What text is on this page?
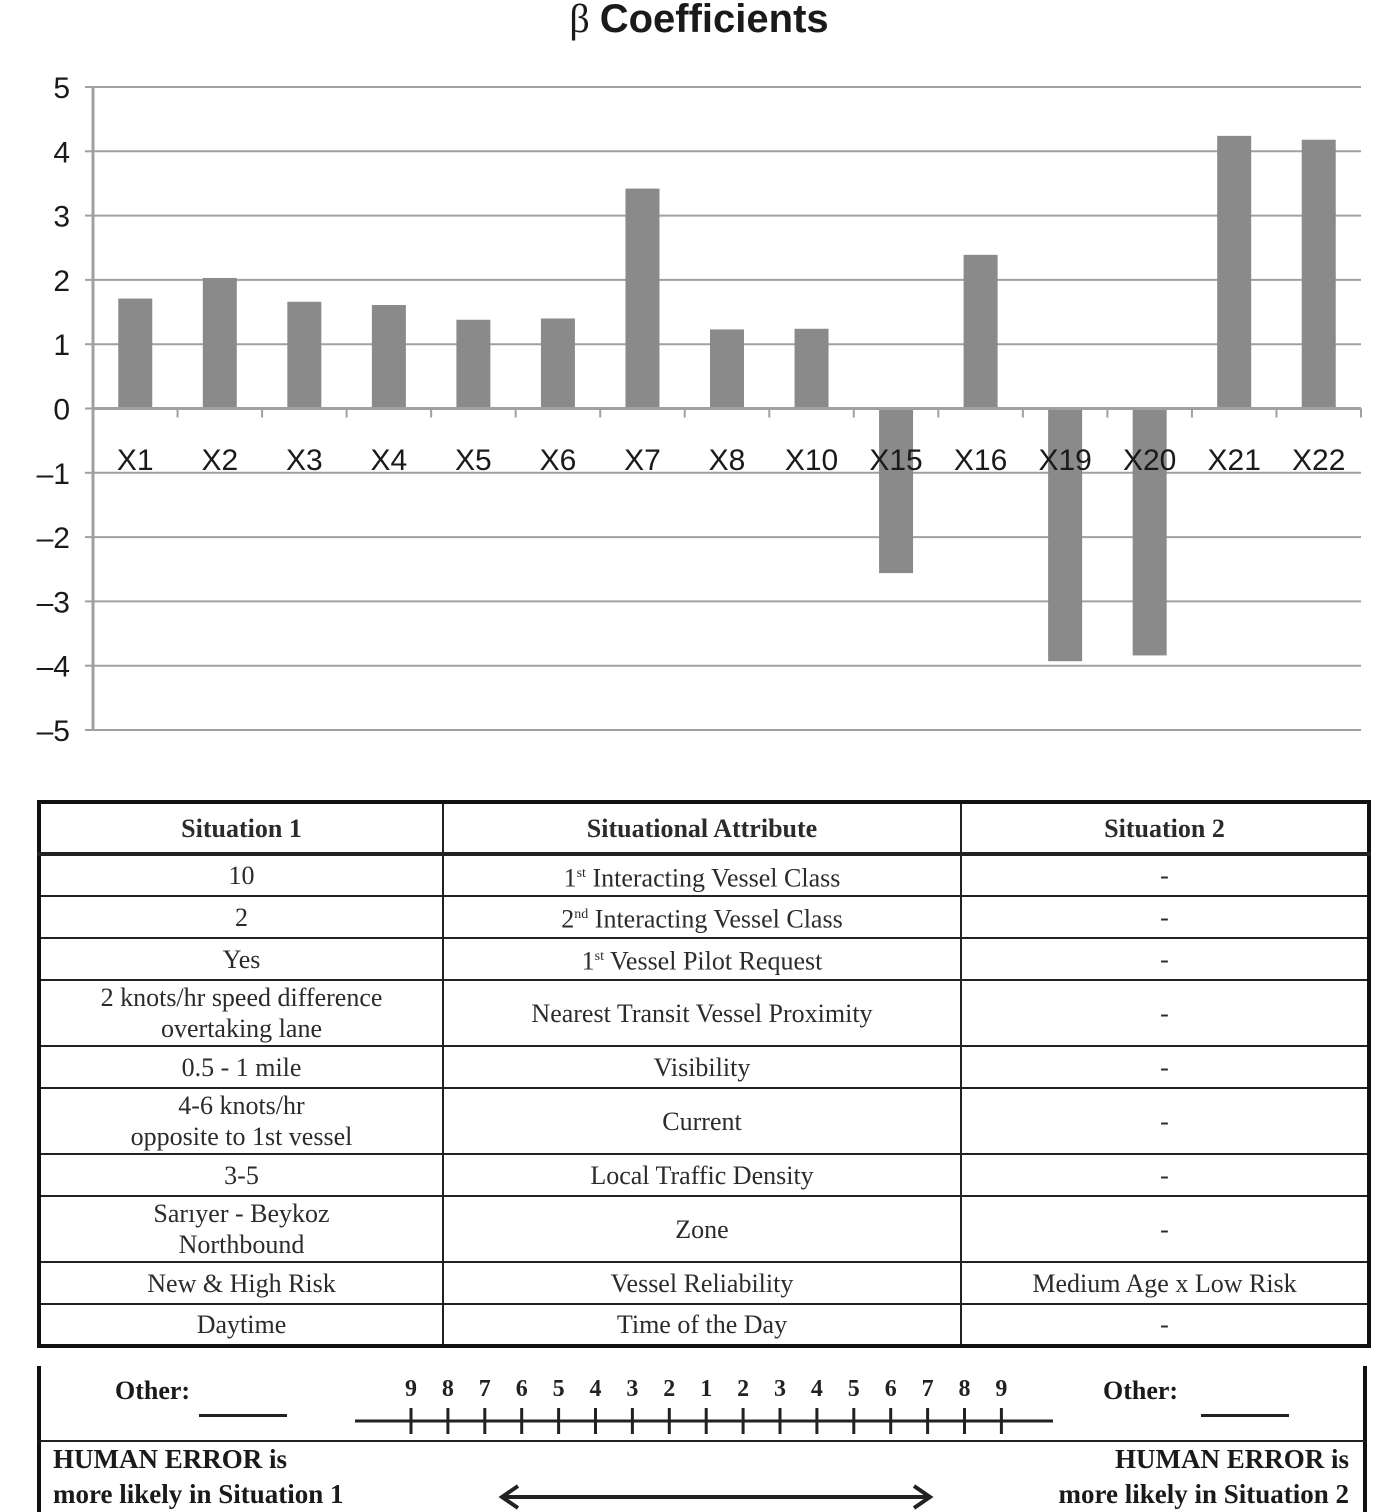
β Coefficients
5
4
3
2
1
0
–1
–2
–3
–4
–5
X1 X2 X3 X4 X5 X6 X7 X8 X10 X15 X16 X19 X20 X21 X22
Situation 1	Situational Attribute	Situation 2
10	1st Interacting Vessel Class	-
2	2nd Interacting Vessel Class	-
Yes	1st Vessel Pilot Request	-

2 knots/hr speed difference
overtaking lane	Nearest Transit Vessel Proximity	-
0.5 - 1 mile	Visibility	-

4-6 knots/hr
opposite to 1st vessel	Current	-
3-5	Local Traffic Density	-

Sarıyer - Beykoz
Northbound	Zone	-
New & High Risk	Vessel Reliability	Medium Age x Low Risk
Daytime	Time of the Day	-
Other:	9 8 7 6 5 4 3 2 1 2 3 4 5 6 7 8 9	Other:
HUMAN ERROR is
more likely in Situation 1
HUMAN ERROR is
more likely in Situation 2
